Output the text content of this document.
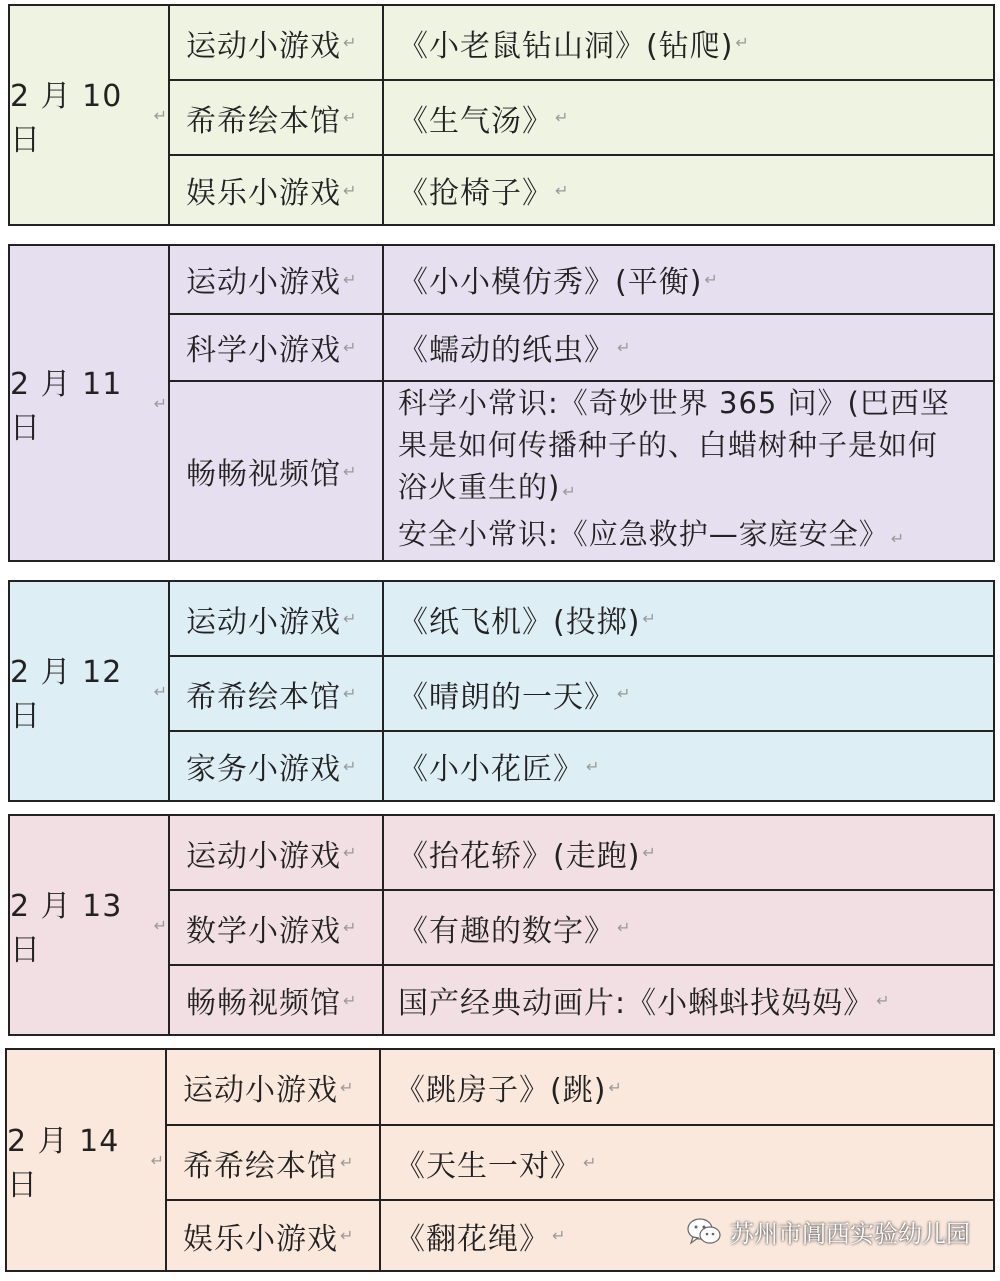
2 月 10 日
↵
运动小游戏 ↵ 《小老鼠钻山洞》(钻爬) ↵
希希绘本馆 ↵ 《生气汤》 ↵
娱乐小游戏 ↵ 《抢椅子》 ↵
2 月 11 日
↵
运动小游戏 ↵ 《小小模仿秀》(平衡) ↵
科学小游戏 ↵ 《蠕动的纸虫》 ↵
畅畅视频馆 ↵
科学小常识:《奇妙世界 365 问》(巴西坚
果是如何传播种子的、白蜡树种子是如何
浴火重生的) ↵
安全小常识:《应急救护—家庭安全》 ↵
2 月 12 日
↵
运动小游戏 ↵ 《纸飞机》(投掷) ↵
希希绘本馆 ↵ 《晴朗的一天》 ↵
家务小游戏 ↵ 《小小花匠》 ↵
2 月 13 日
↵
运动小游戏 ↵ 《抬花轿》(走跑) ↵
数学小游戏 ↵ 《有趣的数字》 ↵
畅畅视频馆 ↵ 国产经典动画片:《小蝌蚪找妈妈》 ↵
2 月 14 日
↵
运动小游戏 ↵ 《跳房子》(跳) ↵
希希绘本馆 ↵ 《天生一对》 ↵
娱乐小游戏 ↵ 《翻花绳》 ↵	苏州市阊西实验幼儿园
